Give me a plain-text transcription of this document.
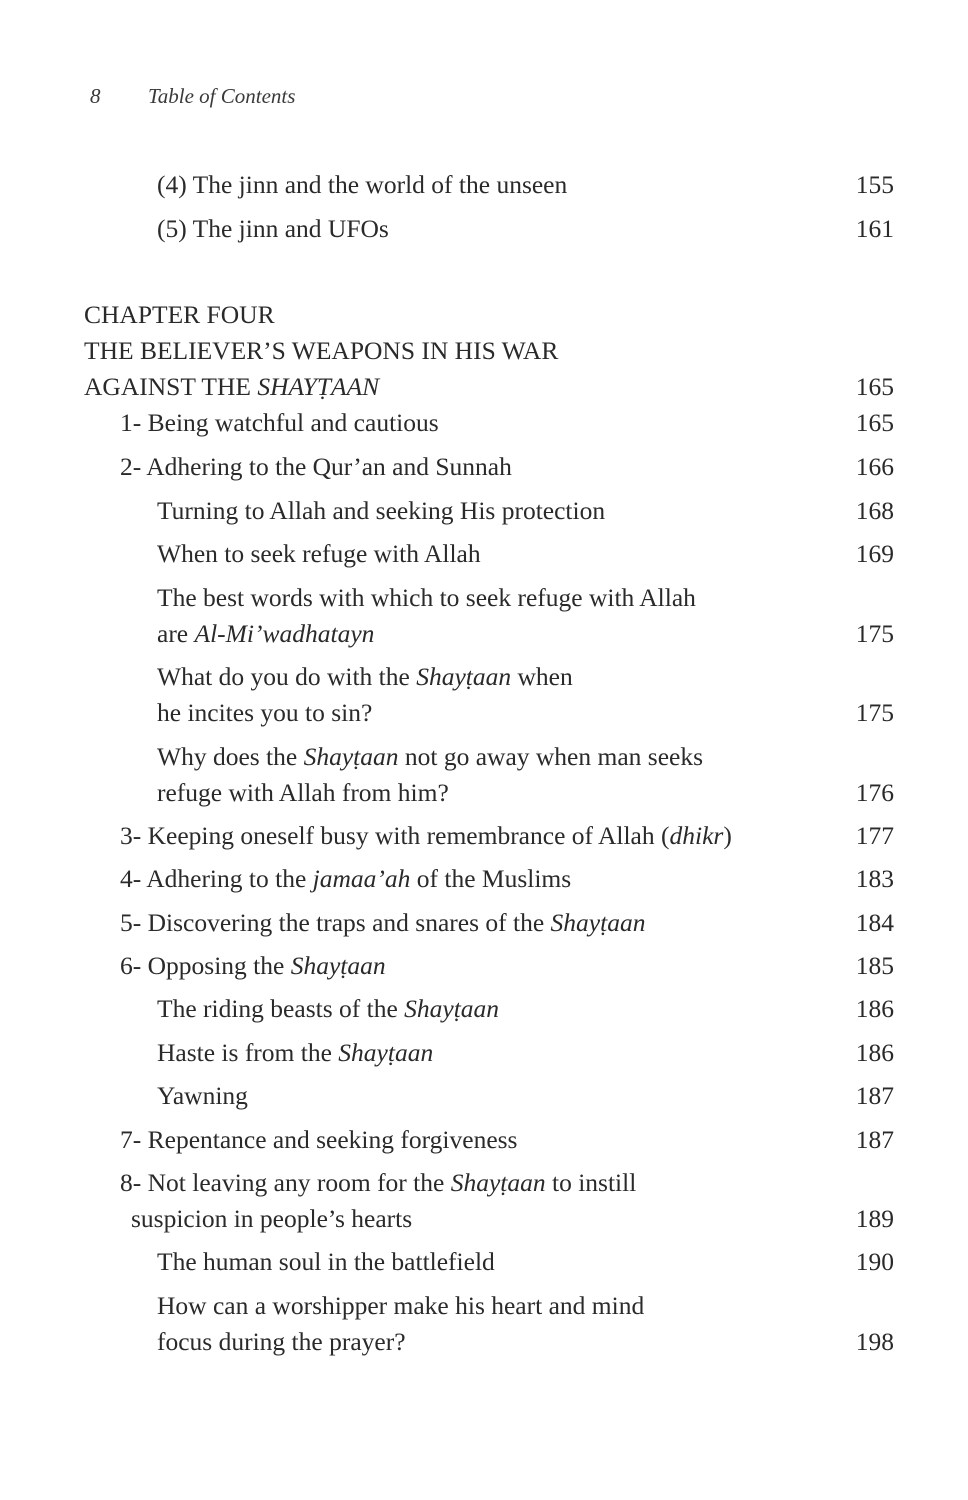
8 Table of Contents
(4) The jinn and the world of the unseen	155
(5) The jinn and UFOs	161
CHAPTER FOUR
THE BELIEVER’S WEAPONS IN HIS WAR
AGAINST THE SHAYṬAAN	165
1- Being watchful and cautious	165
2- Adhering to the Qur’an and Sunnah	166
Turning to Allah and seeking His protection	168
When to seek refuge with Allah	169
The best words with which to seek refuge with Allah
are Al-Mi’wadhatayn	175
What do you do with the Shayṭaan when
he incites you to sin?	175
Why does the Shayṭaan not go away when man seeks
refuge with Allah from him?	176
3- Keeping oneself busy with remembrance of Allah (dhikr)	177
4- Adhering to the jamaa’ah of the Muslims	183
5- Discovering the traps and snares of the Shayṭaan	184
6- Opposing the Shayṭaan	185
The riding beasts of the Shayṭaan	186
Haste is from the Shayṭaan	186
Yawning	187
7- Repentance and seeking forgiveness	187
8- Not leaving any room for the Shayṭaan to instill
suspicion in people’s hearts	189
The human soul in the battlefield	190
How can a worshipper make his heart and mind
focus during the prayer?	198
